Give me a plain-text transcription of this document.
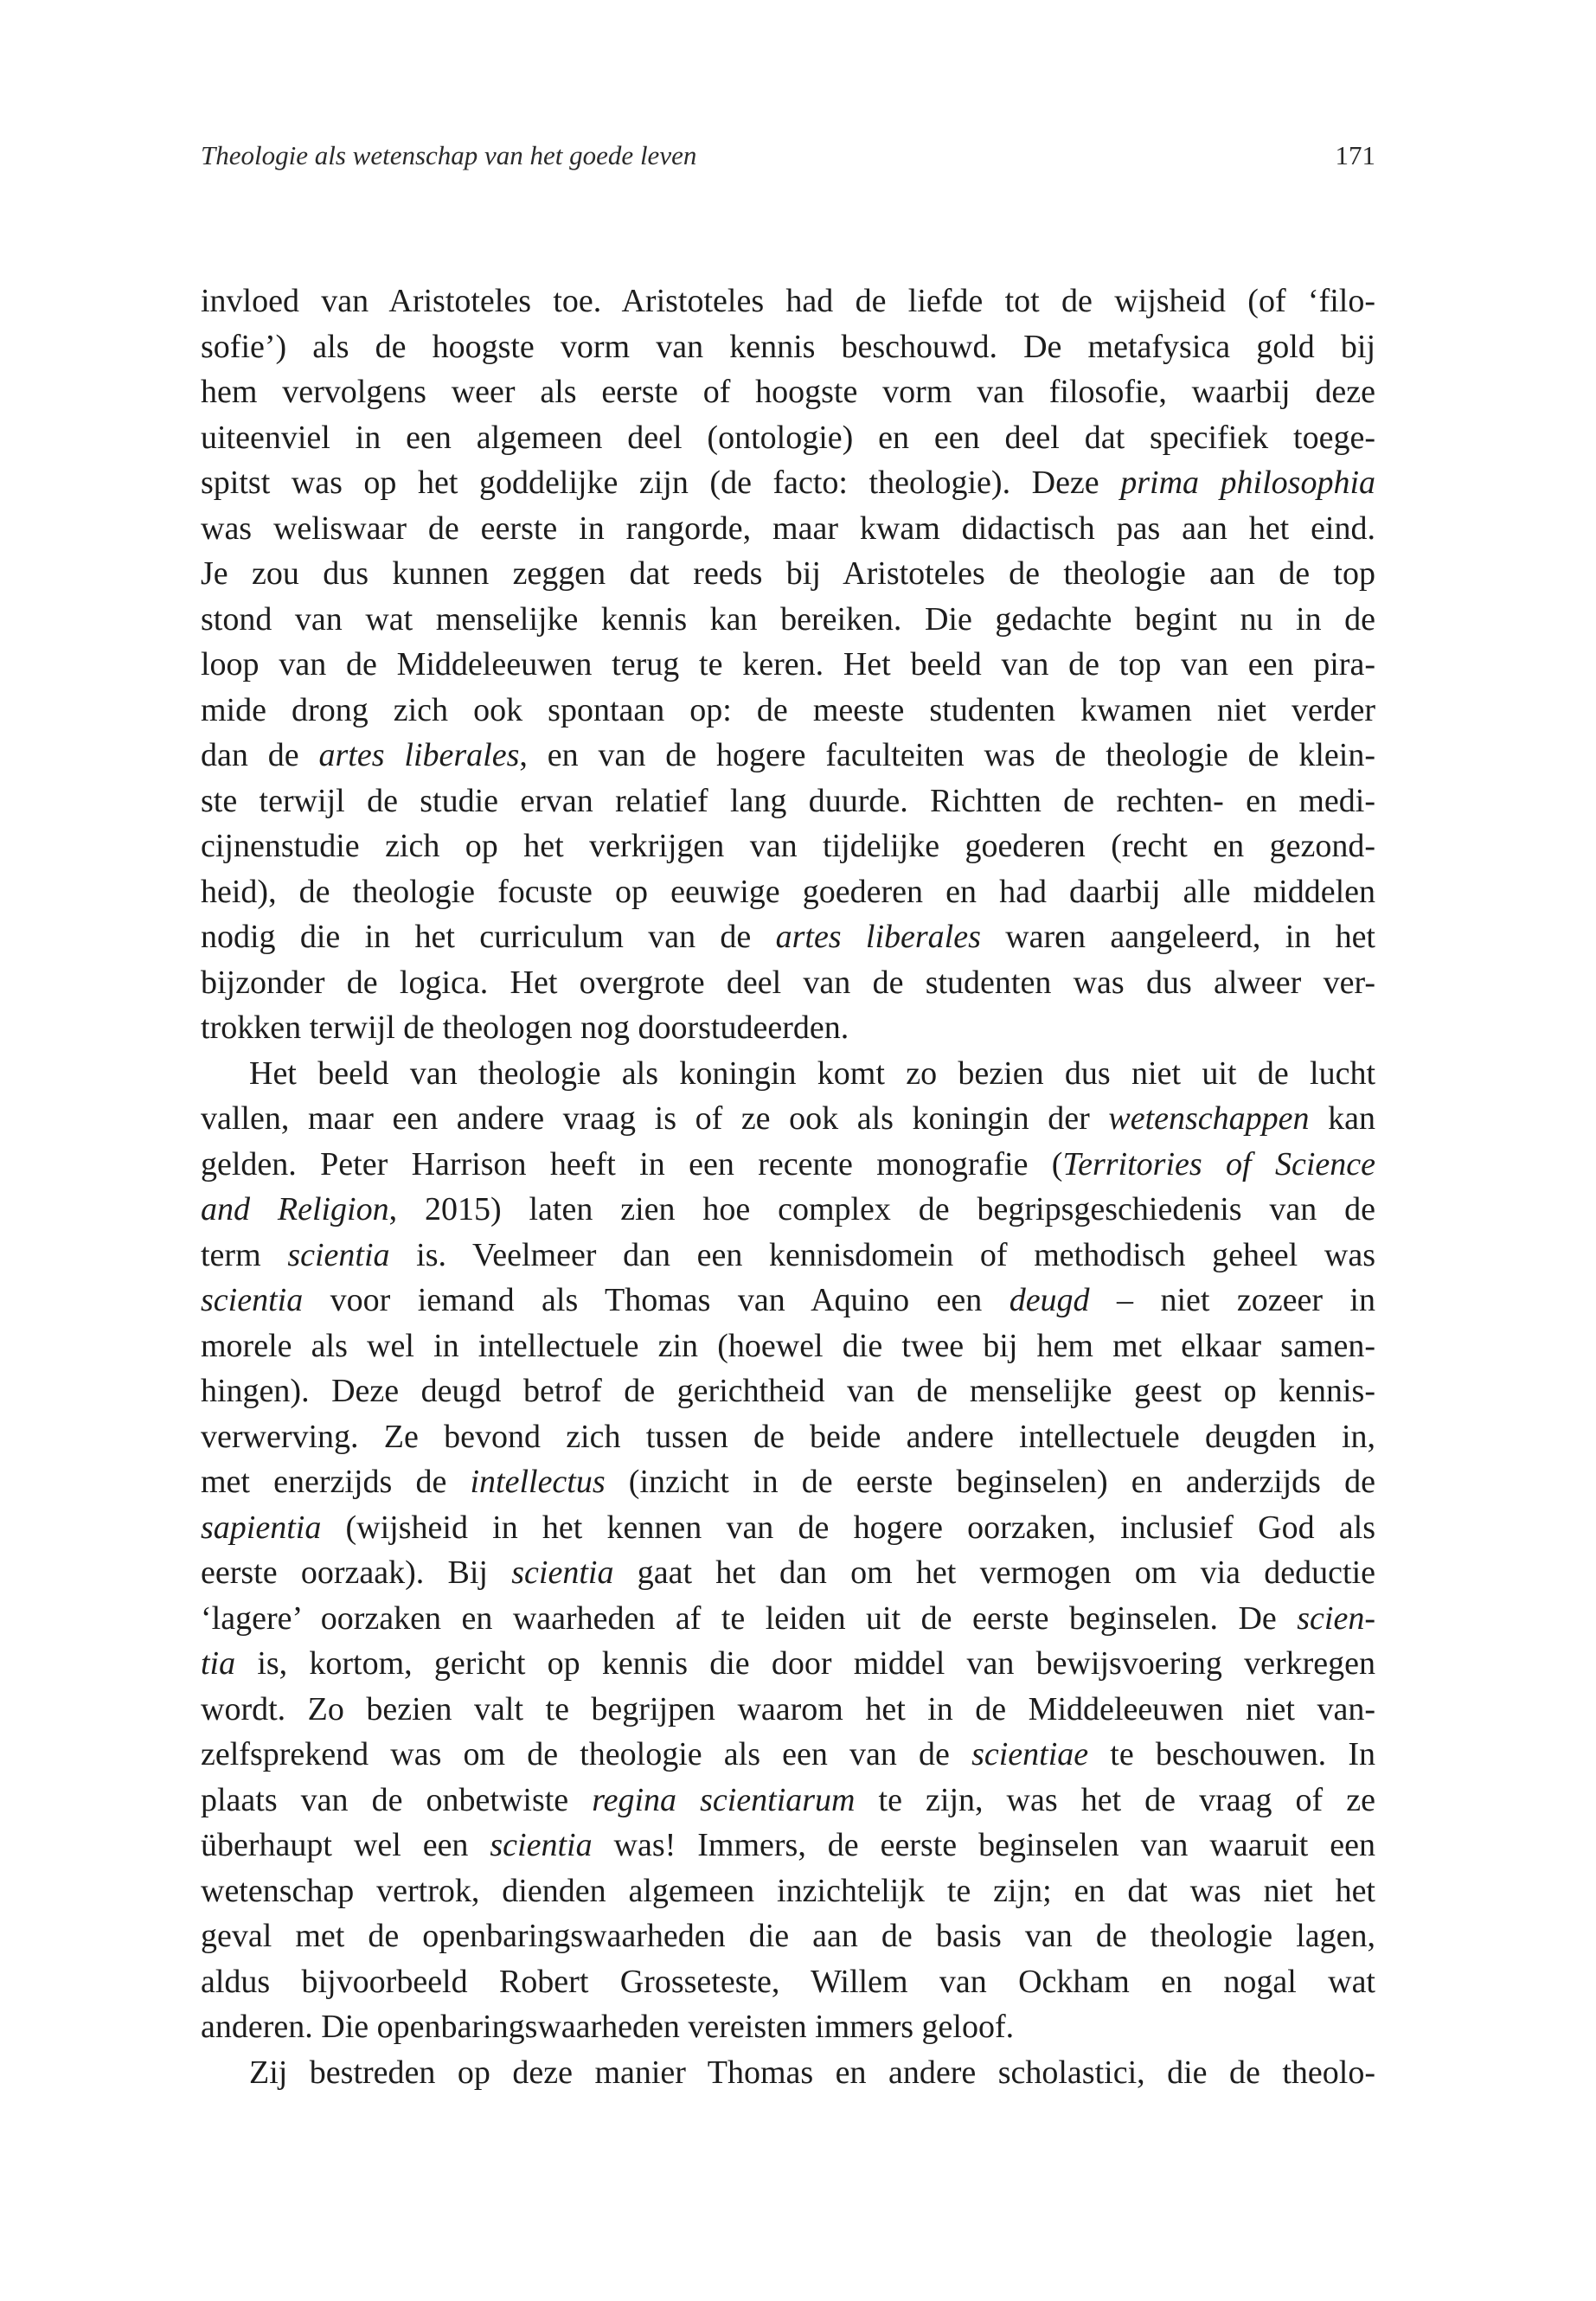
Theologie als wetenschap van het goede leven	171
invloed van Aristoteles toe. Aristoteles had de liefde tot de wijsheid (of ‘filo-
sofie’) als de hoogste vorm van kennis beschouwd. De metafysica gold bij
hem vervolgens weer als eerste of hoogste vorm van filosofie, waarbij deze
uiteenviel in een algemeen deel (ontologie) en een deel dat specifiek toege-
spitst was op het goddelijke zijn (de facto: theologie). Deze prima philosophia
was weliswaar de eerste in rangorde, maar kwam didactisch pas aan het eind.
Je zou dus kunnen zeggen dat reeds bij Aristoteles de theologie aan de top
stond van wat menselijke kennis kan bereiken. Die gedachte begint nu in de
loop van de Middeleeuwen terug te keren. Het beeld van de top van een pira-
mide drong zich ook spontaan op: de meeste studenten kwamen niet verder
dan de artes liberales, en van de hogere faculteiten was de theologie de klein-
ste terwijl de studie ervan relatief lang duurde. Richtten de rechten- en medi-
cijnenstudie zich op het verkrijgen van tijdelijke goederen (recht en gezond-
heid), de theologie focuste op eeuwige goederen en had daarbij alle middelen
nodig die in het curriculum van de artes liberales waren aangeleerd, in het
bijzonder de logica. Het overgrote deel van de studenten was dus alweer ver-
trokken terwijl de theologen nog doorstudeerden.
Het beeld van theologie als koningin komt zo bezien dus niet uit de lucht
vallen, maar een andere vraag is of ze ook als koningin der wetenschappen kan
gelden. Peter Harrison heeft in een recente monografie (Territories of Science
and Religion, 2015) laten zien hoe complex de begripsgeschiedenis van de
term scientia is. Veelmeer dan een kennisdomein of methodisch geheel was
scientia voor iemand als Thomas van Aquino een deugd – niet zozeer in
morele als wel in intellectuele zin (hoewel die twee bij hem met elkaar samen-
hingen). Deze deugd betrof de gerichtheid van de menselijke geest op kennis-
verwerving. Ze bevond zich tussen de beide andere intellectuele deugden in,
met enerzijds de intellectus (inzicht in de eerste beginselen) en anderzijds de
sapientia (wijsheid in het kennen van de hogere oorzaken, inclusief God als
eerste oorzaak). Bij scientia gaat het dan om het vermogen om via deductie
‘lagere’ oorzaken en waarheden af te leiden uit de eerste beginselen. De scien-
tia is, kortom, gericht op kennis die door middel van bewijsvoering verkregen
wordt. Zo bezien valt te begrijpen waarom het in de Middeleeuwen niet van-
zelfsprekend was om de theologie als een van de scientiae te beschouwen. In
plaats van de onbetwiste regina scientiarum te zijn, was het de vraag of ze
überhaupt wel een scientia was! Immers, de eerste beginselen van waaruit een
wetenschap vertrok, dienden algemeen inzichtelijk te zijn; en dat was niet het
geval met de openbaringswaarheden die aan de basis van de theologie lagen,
aldus bijvoorbeeld Robert Grosseteste, Willem van Ockham en nogal wat
anderen. Die openbaringswaarheden vereisten immers geloof.
Zij bestreden op deze manier Thomas en andere scholastici, die de theolo-
